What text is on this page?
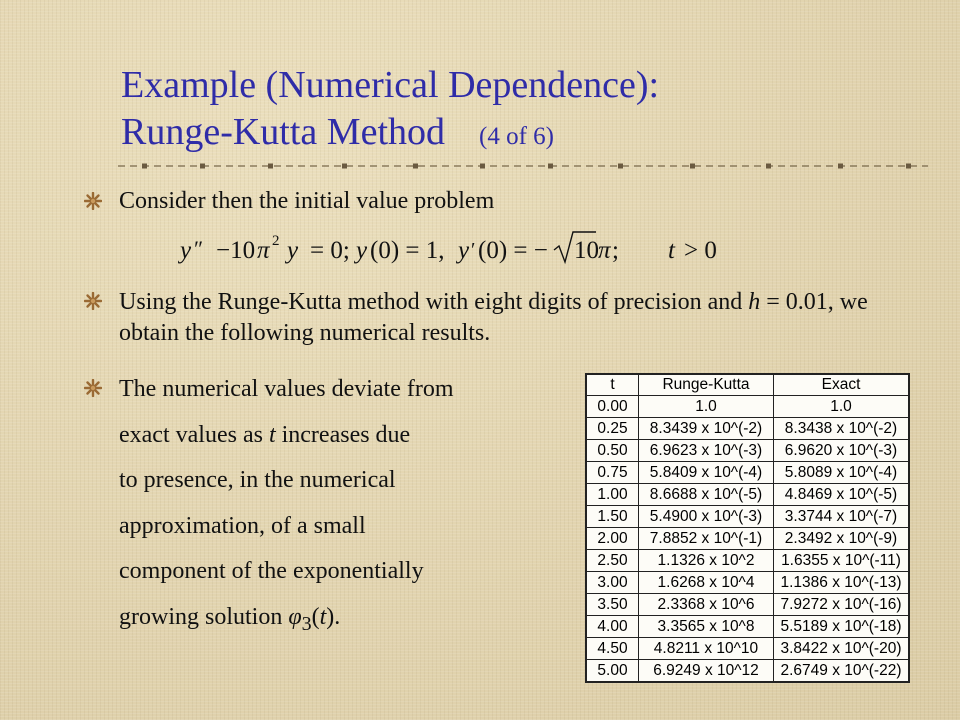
Example (Numerical Dependence):
Runge-Kutta Method (4 of 6)
Consider then the initial value problem
y ″ −10 π 2 y = 0; y (0) = 1, y ′ (0) = − 10 π ; t > 0
Using the Runge-Kutta method with eight digits of precision and h = 0.01, we obtain the following numerical results.
The numerical values deviate from
exact values as t increases due
to presence, in the numerical
approximation, of a small
component of the exponentially
growing solution $\varphi_3(t)$.
t	Runge-Kutta	Exact
0.00	1.0	1.0
0.25	8.3439 x 10^(-2)	8.3438 x 10^(-2)
0.50	6.9623 x 10^(-3)	6.9620 x 10^(-3)
0.75	5.8409 x 10^(-4)	5.8089 x 10^(-4)
1.00	8.6688 x 10^(-5)	4.8469 x 10^(-5)
1.50	5.4900 x 10^(-3)	3.3744 x 10^(-7)
2.00	7.8852 x 10^(-1)	2.3492 x 10^(-9)
2.50	1.1326 x 10^2	1.6355 x 10^(-11)
3.00	1.6268 x 10^4	1.1386 x 10^(-13)
3.50	2.3368 x 10^6	7.9272 x 10^(-16)
4.00	3.3565 x 10^8	5.5189 x 10^(-18)
4.50	4.8211 x 10^10	3.8422 x 10^(-20)
5.00	6.9249 x 10^12	2.6749 x 10^(-22)
